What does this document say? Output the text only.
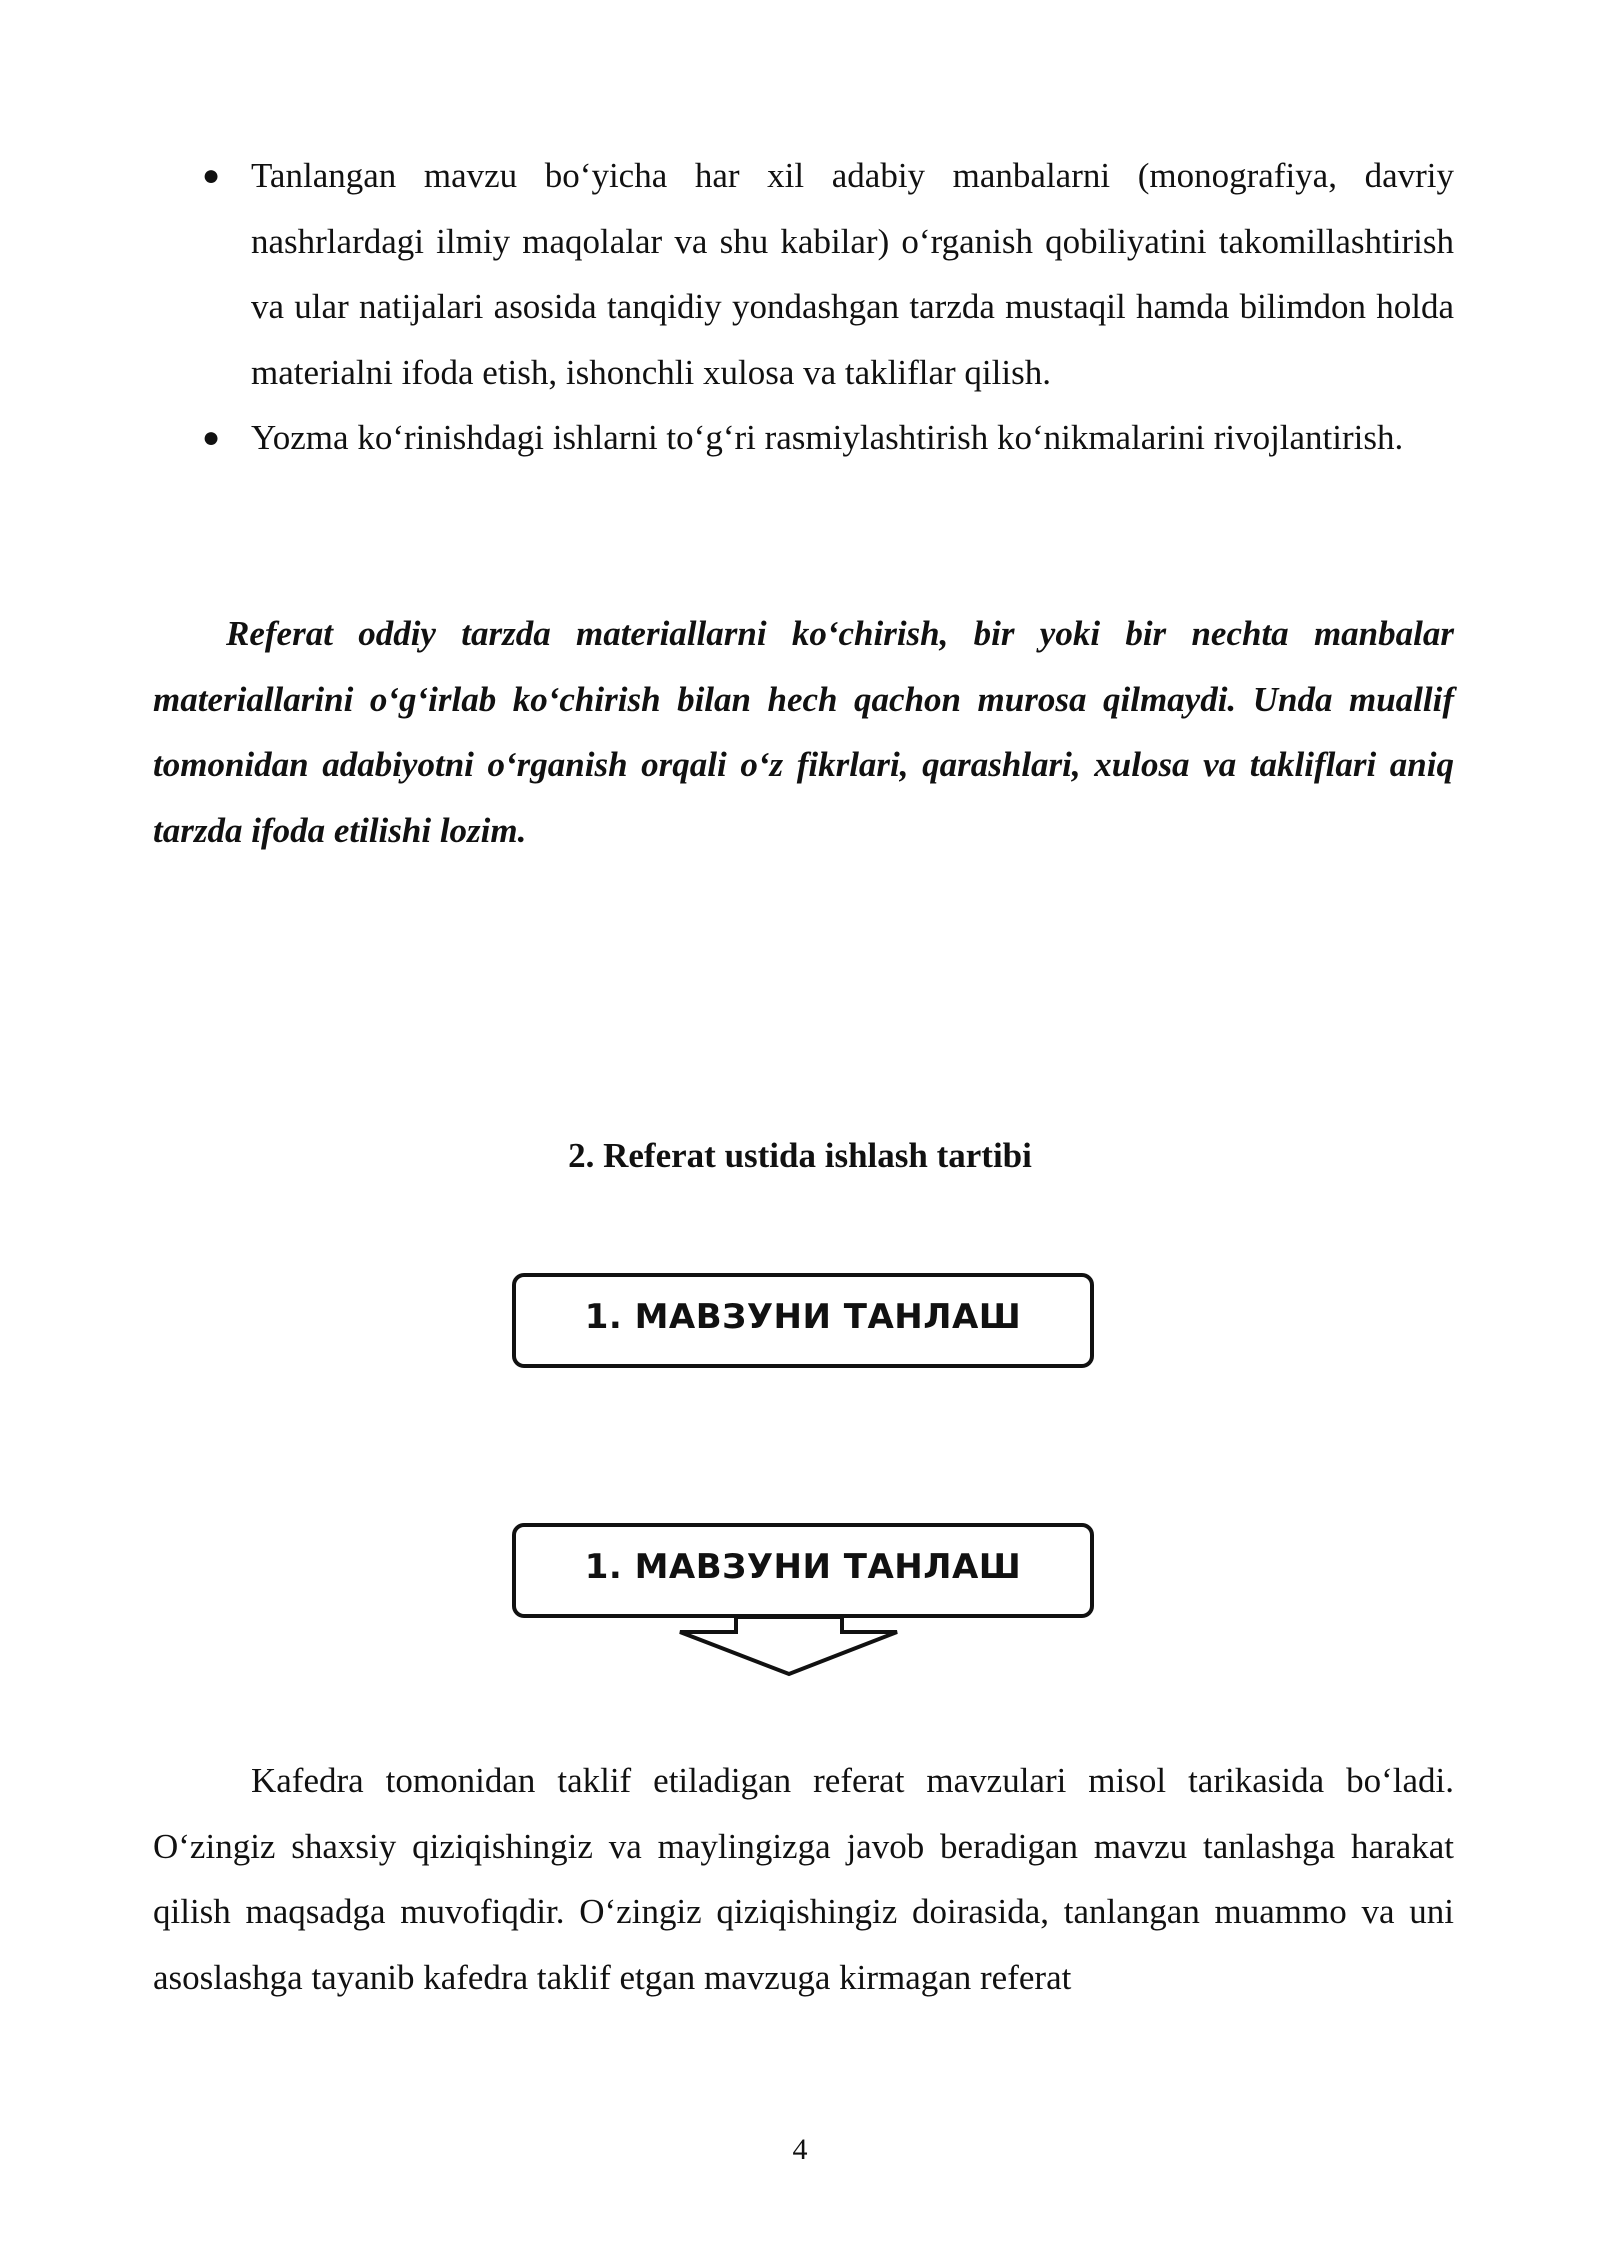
● Tanlangan mavzu bo‘yicha har xil adabiy manbalarni (monografiya, davriy nashrlardagi ilmiy maqolalar va shu kabilar) o‘rganish qobiliyatini takomillashtirish va ular natijalari asosida tanqidiy yondashgan tarzda mustaqil hamda bilimdon holda materialni ifoda etish, ishonchli xulosa va takliflar qilish.
● Yozma ko‘rinishdagi ishlarni to‘g‘ri rasmiylashtirish ko‘nikmalarini rivojlantirish.

Referat oddiy tarzda materiallarni ko‘chirish, bir yoki bir nechta manbalar materiallarini o‘g‘irlab ko‘chirish bilan hech qachon murosa qilmaydi. Unda muallif tomonidan adabiyotni o‘rganish orqali o‘z fikrlari, qarashlari, xulosa va takliflari aniq tarzda ifoda etilishi lozim.

2. Referat ustida ishlash tartibi
1. МАВЗУНИ ТАНЛАШ
1. МАВЗУНИ ТАНЛАШ

Kafedra tomonidan taklif etiladigan referat mavzulari misol tarikasida bo‘ladi. O‘zingiz shaxsiy qiziqishingiz va maylingizga javob beradigan mavzu tanlashga harakat qilish maqsadga muvofiqdir. O‘zingiz qiziqishingiz doirasida, tanlangan muammo va uni asoslashga tayanib kafedra taklif etgan mavzuga kirmagan referat

4
